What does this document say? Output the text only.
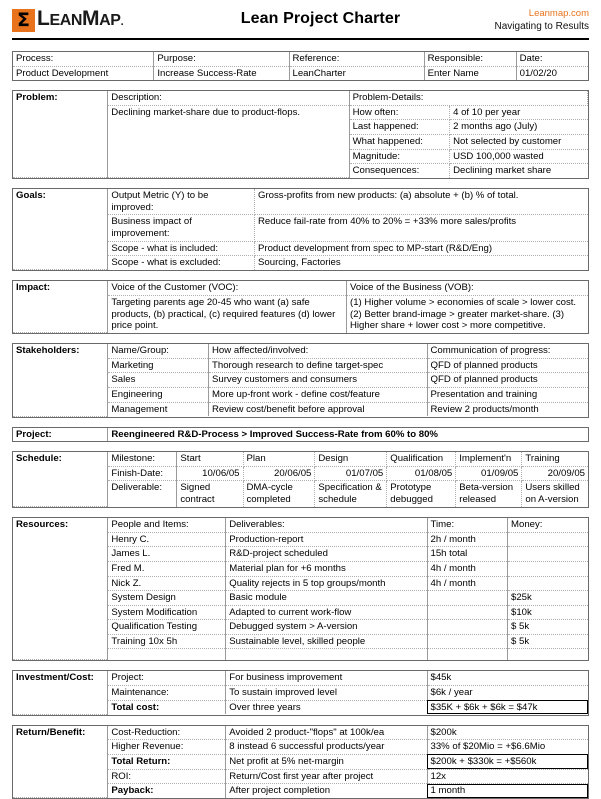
Σ LEANMAP.	Lean Project Charter	Leanmap.com
Navigating to Results
Process:	Purpose:	Reference:	Responsible:	Date:
Product Development	Increase Success-Rate	LeanCharter	Enter Name	01/02/20
Problem:	Description:	Problem-Details:	
	Declining market-share due to product-flops.	How often:	4 of 10 per year
		Last happened:	2 months ago (July)
		What happened:	Not selected by customer
		Magnitude:	USD 100,000 wasted
		Consequences:	Declining market share
Goals:	Output Metric (Y) to be improved:	Gross-profits from new products: (a) absolute + (b) % of total.
	Business impact of improvement:	Reduce fail-rate from 40% to 20% = +33% more sales/profits
	Scope - what is included:	Product development from spec to MP-start (R&D/Eng)
	Scope - what is excluded:	Sourcing, Factories
Impact:	Voice of the Customer (VOC):	Voice of the Business (VOB):
	Targeting parents age 20-45 who want (a) safe products, (b) practical, (c) required features (d) lower price point.	(1) Higher volume > economies of scale > lower cost. (2) Better brand-image > greater market-share. (3) Higher share + lower cost > more competitive.
Stakeholders:	Name/Group:	How affected/involved:	Communication of progress:
	Marketing	Thorough research to define target-spec	QFD of planned products
	Sales	Survey customers and consumers	QFD of planned products
	Engineering	More up-front work - define cost/feature	Presentation and training
	Management	Review cost/benefit before approval	Review 2 products/month
Project:	Reengineered R&D-Process > Improved Success-Rate from 60% to 80%
Schedule:	Milestone:	Start	Plan	Design	Qualification	Implement'n	Training
	Finish-Date:	10/06/05	20/06/05	01/07/05	01/08/05	01/09/05	20/09/05
	Deliverable:	Signed contract	DMA-cycle completed	Specification & schedule	Prototype debugged	Beta-version released	Users skilled on A-version
Resources:	People and Items:	Deliverables:	Time:	Money:
	Henry C.	Production-report	2h / month	
	James L.	R&D-project scheduled	15h total	
	Fred M.	Material plan for +6 months	4h / month	
	Nick Z.	Quality rejects in 5 top groups/month	4h / month	
	System Design	Basic module		$25k
	System Modification	Adapted to current work-flow		$10k
	Qualification Testing	Debugged system > A-version		$ 5k
	Training 10x 5h	Sustainable level, skilled people		$ 5k

Investment/Cost:	Project:	For business improvement	$45k
	Maintenance:	To sustain improved level	$6k / year
	Total cost:	Over three years	$35K + $6k + $6k = $47k
Return/Benefit:	Cost-Reduction:	Avoided 2 product-"flops" at 100k/ea	$200k
	Higher Revenue:	8 instead 6 successful products/year	33% of $20Mio = +$6.6Mio
	Total Return:	Net profit at 5% net-margin	$200k + $330k = +$560k
	ROI:	Return/Cost first year after project	12x
	Payback:	After project completion	1 month
